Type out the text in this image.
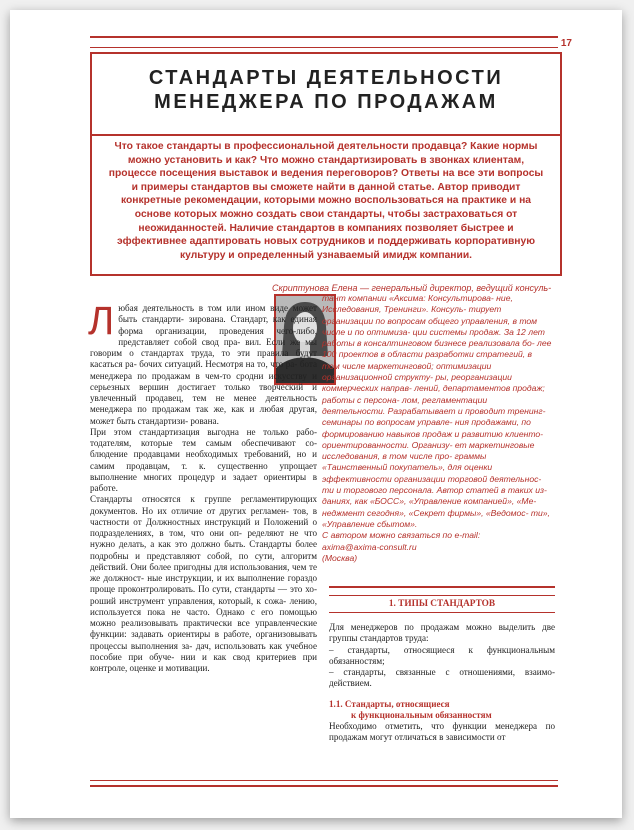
17
СТАНДАРТЫ ДЕЯТЕЛЬНОСТИ
МЕНЕДЖЕРА ПО ПРОДАЖАМ
Что такое стандарты в профессиональной деятельности продавца? Какие нормы можно установить и как? Что можно стандартизировать в звонках клиентам, процессе посещения выставок и ведения переговоров? Ответы на все эти вопросы и примеры стандартов вы сможете найти в данной статье. Автор приводит конкретные рекомендации, которыми можно воспользоваться на практике и на основе которых можно создать свои стандарты, чтобы застраховаться от неожиданностей. Наличие стандартов в компаниях позволяет быстрее и эффективнее адаптировать новых сотрудников и поддерживать корпоративную культуру и определенный узнаваемый имидж компании.
Скриптунова Елена — генеральный директор, ведущий консуль-

тант компании «Аксима: Консультирова- ние, Исследования, Тренинги». Консуль- тирует организации по вопросам общего управления, в том числе и по оптимиза- ции системы продаж. За 12 лет работы в консалтинговом бизнесе реализовала бо- лее 100 проектов в области разработки стратегий, в том числе маркетинговой; оптимизации организационной структу- ры, реорганизации коммерческих направ- лений, департаментов продаж; работы с персона- лом, регламентации деятельности. Разрабатывает и проводит тренинг-семинары по вопросам управле- ния продажами, по формированию навыков продаж и развитию клиенто-ориентированности. Организу- ет маркетинговые исследования, в том числе про- граммы «Таинственный покупатель», для оценки эффективности организации торговой деятельнос- ти и торгового персонала. Автор статей в таких из- даниях, как «БОСС», «Управление компанией», «Ме- неджмент сегодня», «Секрет фирмы», «Ведомос- ти», «Управление сбытом».

С автором можно связаться по e-mail:

axima@axima-consult.ru

(Москва)

Любая деятельность в том или ином виде может быть стандарти- зирована. Стандарт, как единая форма организации, проведения чего-либо, представляет собой свод пра- вил. Если же мы говорим о стандартах труда, то эти правила будут касаться ра- бочих ситуаций. Несмотря на то, что ра- бота менеджера по продажам в чем-то сродни искусству и серьезных вершин достигает только творческий и увлеченный продавец, тем не менее деятельность менеджера по продажам так же, как и любая другая, может быть стандартизи- рована.

При этом стандартизация выгодна не только рабо- тодателям, которые тем самым обеспечивают со- блюдение продавцами необходимых требований, но и самим продавцам, т. к. существенно упрощает выполнение многих процедур и задает ориентиры в работе.

Стандарты относятся к группе регламентирующих документов. Но их отличие от других регламен- тов, в частности от Должностных инструкций и Положений о подразделениях, в том, что они оп- ределяют не что нужно делать, а как это должно быть. Стандарты более подробны и представляют собой, по сути, алгоритм действий. Они более пригодны для использования, чем те же должност- ные инструкции, и их выполнение гораздо проще проконтролировать. По сути, стандарты — это хо- роший инструмент управления, который, к сожа- лению, используется пока не часто. Однако с его помощью можно реализовывать практически все управленческие функции: задавать ориентиры в работе, организовывать процессы выполнения за- дач, использовать как учебное пособие при обуче- нии и как свод критериев при контроле, оценке и мотивации.

1. ТИПЫ СТАНДАРТОВ

Для менеджеров по продажам можно выделить две группы стандартов труда:

– стандарты, относящиеся к функциональным обязанностям;

– стандарты, связанные с отношениями, взаимо- действием.

1.1. Стандарты, относящиеся

к функциональным обязанностям

Необходимо отметить, что функции менеджера по продажам могут отличаться в зависимости от
